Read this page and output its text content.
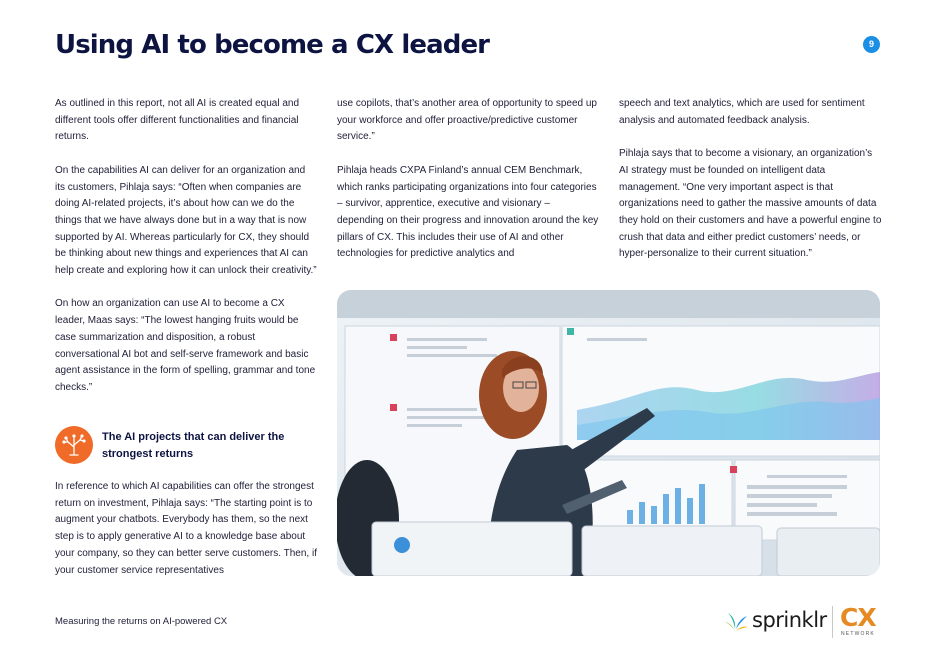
Using AI to become a CX leader	9

As outlined in this report, not all AI is created equal and different tools offer different functionalities and financial returns.

On the capabilities AI can deliver for an organization and its customers, Pihlaja says: “Often when companies are doing AI-related projects, it’s about how can we do the things that we have always done but in a way that is now supported by AI. Whereas particularly for CX, they should be thinking about new things and experiences that AI can help create and exploring how it can unlock their creativity.”

On how an organization can use AI to become a CX leader, Maas says: “The lowest hanging fruits would be case summarization and disposition, a robust conversational AI bot and self-serve framework and basic agent assistance in the form of spelling, grammar and tone checks.”

The AI projects that can deliver the strongest returns

In reference to which AI capabilities can offer the strongest return on investment, Pihlaja says: “The starting point is to augment your chatbots. Everybody has them, so the next step is to apply generative AI to a knowledge base about your company, so they can better serve customers. Then, if your customer service representatives

use copilots, that’s another area of opportunity to speed up your workforce and offer proactive/predictive customer service.”

Pihlaja heads CXPA Finland’s annual CEM Benchmark, which ranks participating organizations into four categories – survivor, apprentice, executive and visionary – depending on their progress and innovation around the key pillars of CX. This includes their use of AI and other technologies for predictive analytics and

speech and text analytics, which are used for sentiment analysis and automated feedback analysis.

Pihlaja says that to become a visionary, an organization’s AI strategy must be founded on intelligent data management. “One very important aspect is that organizations need to gather the massive amounts of data they hold on their customers and have a powerful engine to crush that data and either predict customers’ needs, or hyper-personalize to their current situation.”

Measuring the returns on AI-powered CX	sprinklr CX
NETWORK
